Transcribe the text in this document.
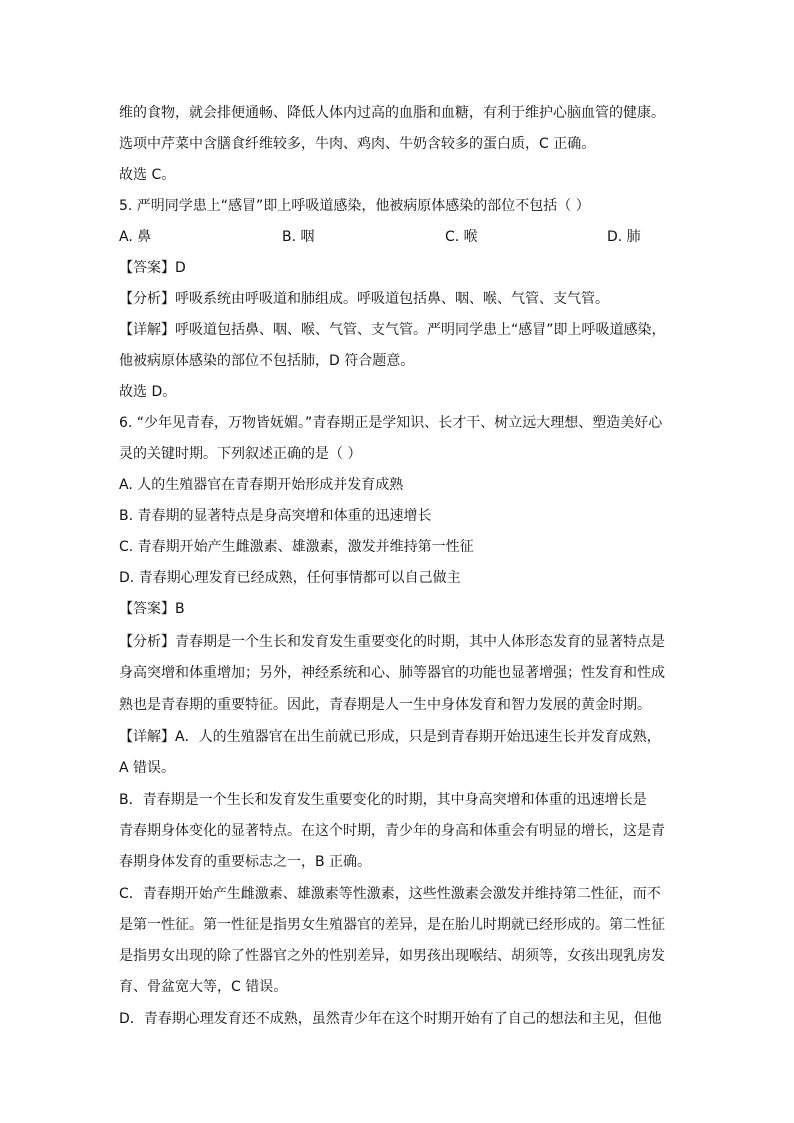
维的食物，就会排便通畅、降低人体内过高的血脂和血糖，有利于维护心脑血管的健康。
选项中芹菜中含膳食纤维较多，牛肉、鸡肉、牛奶含较多的蛋白质，C 正确。
故选 C。
5. 严明同学患上“感冒”即上呼吸道感染，他被病原体感染的部位不包括（ ）
A. 鼻	B. 咽	C. 喉	D. 肺
【答案】D
【分析】呼吸系统由呼吸道和肺组成。呼吸道包括鼻、咽、喉、气管、支气管。
【详解】呼吸道包括鼻、咽、喉、气管、支气管。严明同学患上“感冒”即上呼吸道感染，
他被病原体感染的部位不包括肺，D 符合题意。
故选 D。
6. “少年见青春，万物皆妩媚。”青春期正是学知识、长才干、树立远大理想、塑造美好心
灵的关键时期。下列叙述正确的是（ ）
A. 人的生殖器官在青春期开始形成并发育成熟
B. 青春期的显著特点是身高突增和体重的迅速增长
C. 青春期开始产生雌激素、雄激素，激发并维持第一性征
D. 青春期心理发育已经成熟，任何事情都可以自己做主
【答案】B
【分析】青春期是一个生长和发育发生重要变化的时期，其中人体形态发育的显著特点是
身高突增和体重增加；另外，神经系统和心、肺等器官的功能也显著增强；性发育和性成
熟也是青春期的重要特征。因此，青春期是人一生中身体发育和智力发展的黄金时期。
【详解】A．人的生殖器官在出生前就已形成，只是到青春期开始迅速生长并发育成熟，
A 错误。
B．青春期是一个生长和发育发生重要变化的时期，其中身高突增和体重的迅速增长是
青春期身体变化的显著特点。在这个时期，青少年的身高和体重会有明显的增长，这是青
春期身体发育的重要标志之一，B 正确。
C．青春期开始产生雌激素、雄激素等性激素，这些性激素会激发并维持第二性征，而不
是第一性征。第一性征是指男女生殖器官的差异，是在胎儿时期就已经形成的。第二性征
是指男女出现的除了性器官之外的性别差异，如男孩出现喉结、胡须等，女孩出现乳房发
育、骨盆宽大等，C 错误。
D．青春期心理发育还不成熟，虽然青少年在这个时期开始有了自己的想法和主见，但他
